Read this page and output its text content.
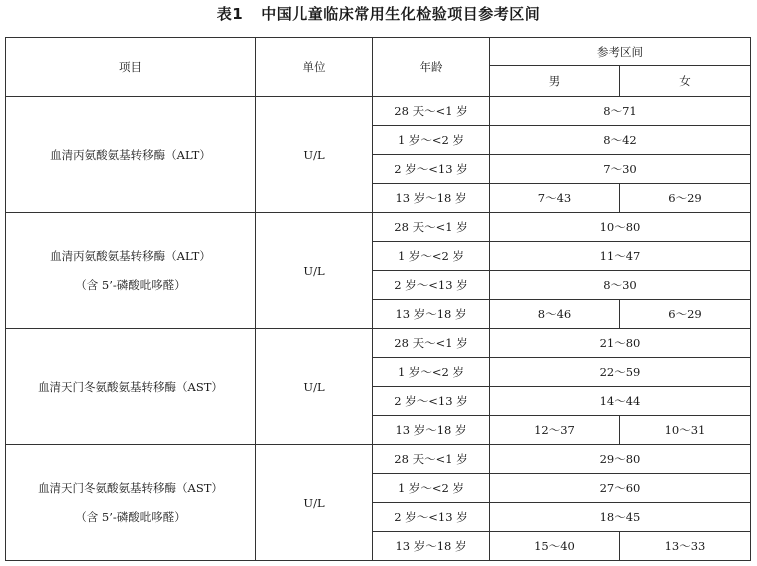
表1 中国儿童临床常用生化检验项目参考区间
项目	单位	年龄	参考区间	
			男	女
血清丙氨酸氨基转移酶（ALT）	U/L	28 天～<1 岁	8～71	
		1 岁～<2 岁	8～42	
		2 岁～<13 岁	7～30	
		13 岁～18 岁	7～43	6～29

血清丙氨酸氨基转移酶（ALT）
（含 5’-磷酸吡哆醛）	U/L	28 天～<1 岁	10～80	
		1 岁～<2 岁	11～47	
		2 岁～<13 岁	8～30	
		13 岁～18 岁	8～46	6～29
血清天门冬氨酸氨基转移酶（AST）	U/L	28 天～<1 岁	21～80	
		1 岁～<2 岁	22～59	
		2 岁～<13 岁	14～44	
		13 岁～18 岁	12～37	10～31

血清天门冬氨酸氨基转移酶（AST）
（含 5’-磷酸吡哆醛）	U/L	28 天～<1 岁	29～80	
		1 岁～<2 岁	27～60	
		2 岁～<13 岁	18～45	
		13 岁～18 岁	15～40	13～33
